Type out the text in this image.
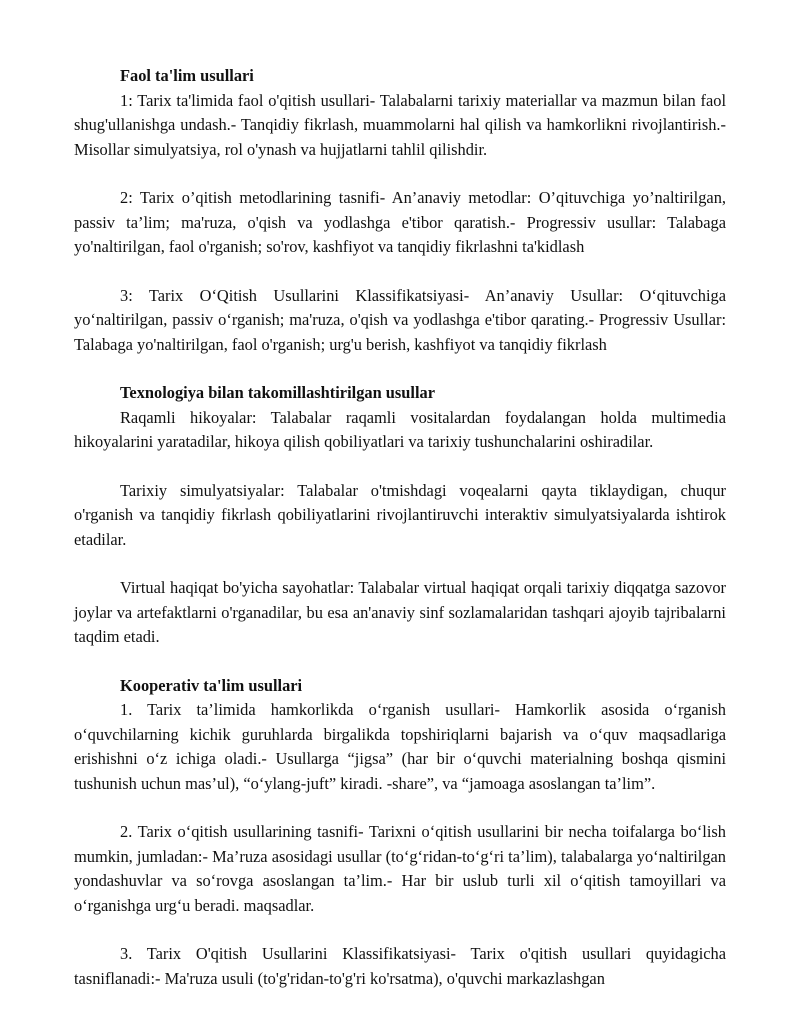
Faol ta'lim usullari

1: Tarix ta'limida faol o'qitish usullari- Talabalarni tarixiy materiallar va mazmun bilan faol shug'ullanishga undash.- Tanqidiy fikrlash, muammolarni hal qilish va hamkorlikni rivojlantirish.- Misollar simulyatsiya, rol o'ynash va hujjatlarni tahlil qilishdir.

2: Tarix o’qitish metodlarining tasnifi- An’anaviy metodlar: O’qituvchiga yo’naltirilgan, passiv ta’lim; ma'ruza, o'qish va yodlashga e'tibor qaratish.- Progressiv usullar: Talabaga yo'naltirilgan, faol o'rganish; so'rov, kashfiyot va tanqidiy fikrlashni ta'kidlash

3: Tarix O‘Qitish Usullarini Klassifikatsiyasi- An’anaviy Usullar: O‘qituvchiga yo‘naltirilgan, passiv o‘rganish; ma'ruza, o'qish va yodlashga e'tibor qarating.- Progressiv Usullar: Talabaga yo'naltirilgan, faol o'rganish; urg'u berish, kashfiyot va tanqidiy fikrlash

Texnologiya bilan takomillashtirilgan usullar

Raqamli hikoyalar: Talabalar raqamli vositalardan foydalangan holda multimedia hikoyalarini yaratadilar, hikoya qilish qobiliyatlari va tarixiy tushunchalarini oshiradilar.

Tarixiy simulyatsiyalar: Talabalar o'tmishdagi voqealarni qayta tiklaydigan, chuqur o'rganish va tanqidiy fikrlash qobiliyatlarini rivojlantiruvchi interaktiv simulyatsiyalarda ishtirok etadilar.

Virtual haqiqat bo'yicha sayohatlar: Talabalar virtual haqiqat orqali tarixiy diqqatga sazovor joylar va artefaktlarni o'rganadilar, bu esa an'anaviy sinf sozlamalaridan tashqari ajoyib tajribalarni taqdim etadi.

Kooperativ ta'lim usullari

1. Tarix ta’limida hamkorlikda o‘rganish usullari- Hamkorlik asosida o‘rganish o‘quvchilarning kichik guruhlarda birgalikda topshiriqlarni bajarish va o‘quv maqsadlariga erishishni o‘z ichiga oladi.- Usullarga “jigsa” (har bir o‘quvchi materialning boshqa qismini tushunish uchun mas’ul), “o‘ylang-juft” kiradi. -share”, va “jamoaga asoslangan ta’lim”.

2. Tarix o‘qitish usullarining tasnifi- Tarixni o‘qitish usullarini bir necha toifalarga bo‘lish mumkin, jumladan:- Ma’ruza asosidagi usullar (to‘g‘ridan-to‘g‘ri ta’lim), talabalarga yo‘naltirilgan yondashuvlar va so‘rovga asoslangan ta’lim.- Har bir uslub turli xil o‘qitish tamoyillari va o‘rganishga urg‘u beradi. maqsadlar.

3. Tarix O'qitish Usullarini Klassifikatsiyasi- Tarix o'qitish usullari quyidagicha tasniflanadi:- Ma'ruza usuli (to'g'ridan-to'g'ri ko'rsatma), o'quvchi markazlashgan
